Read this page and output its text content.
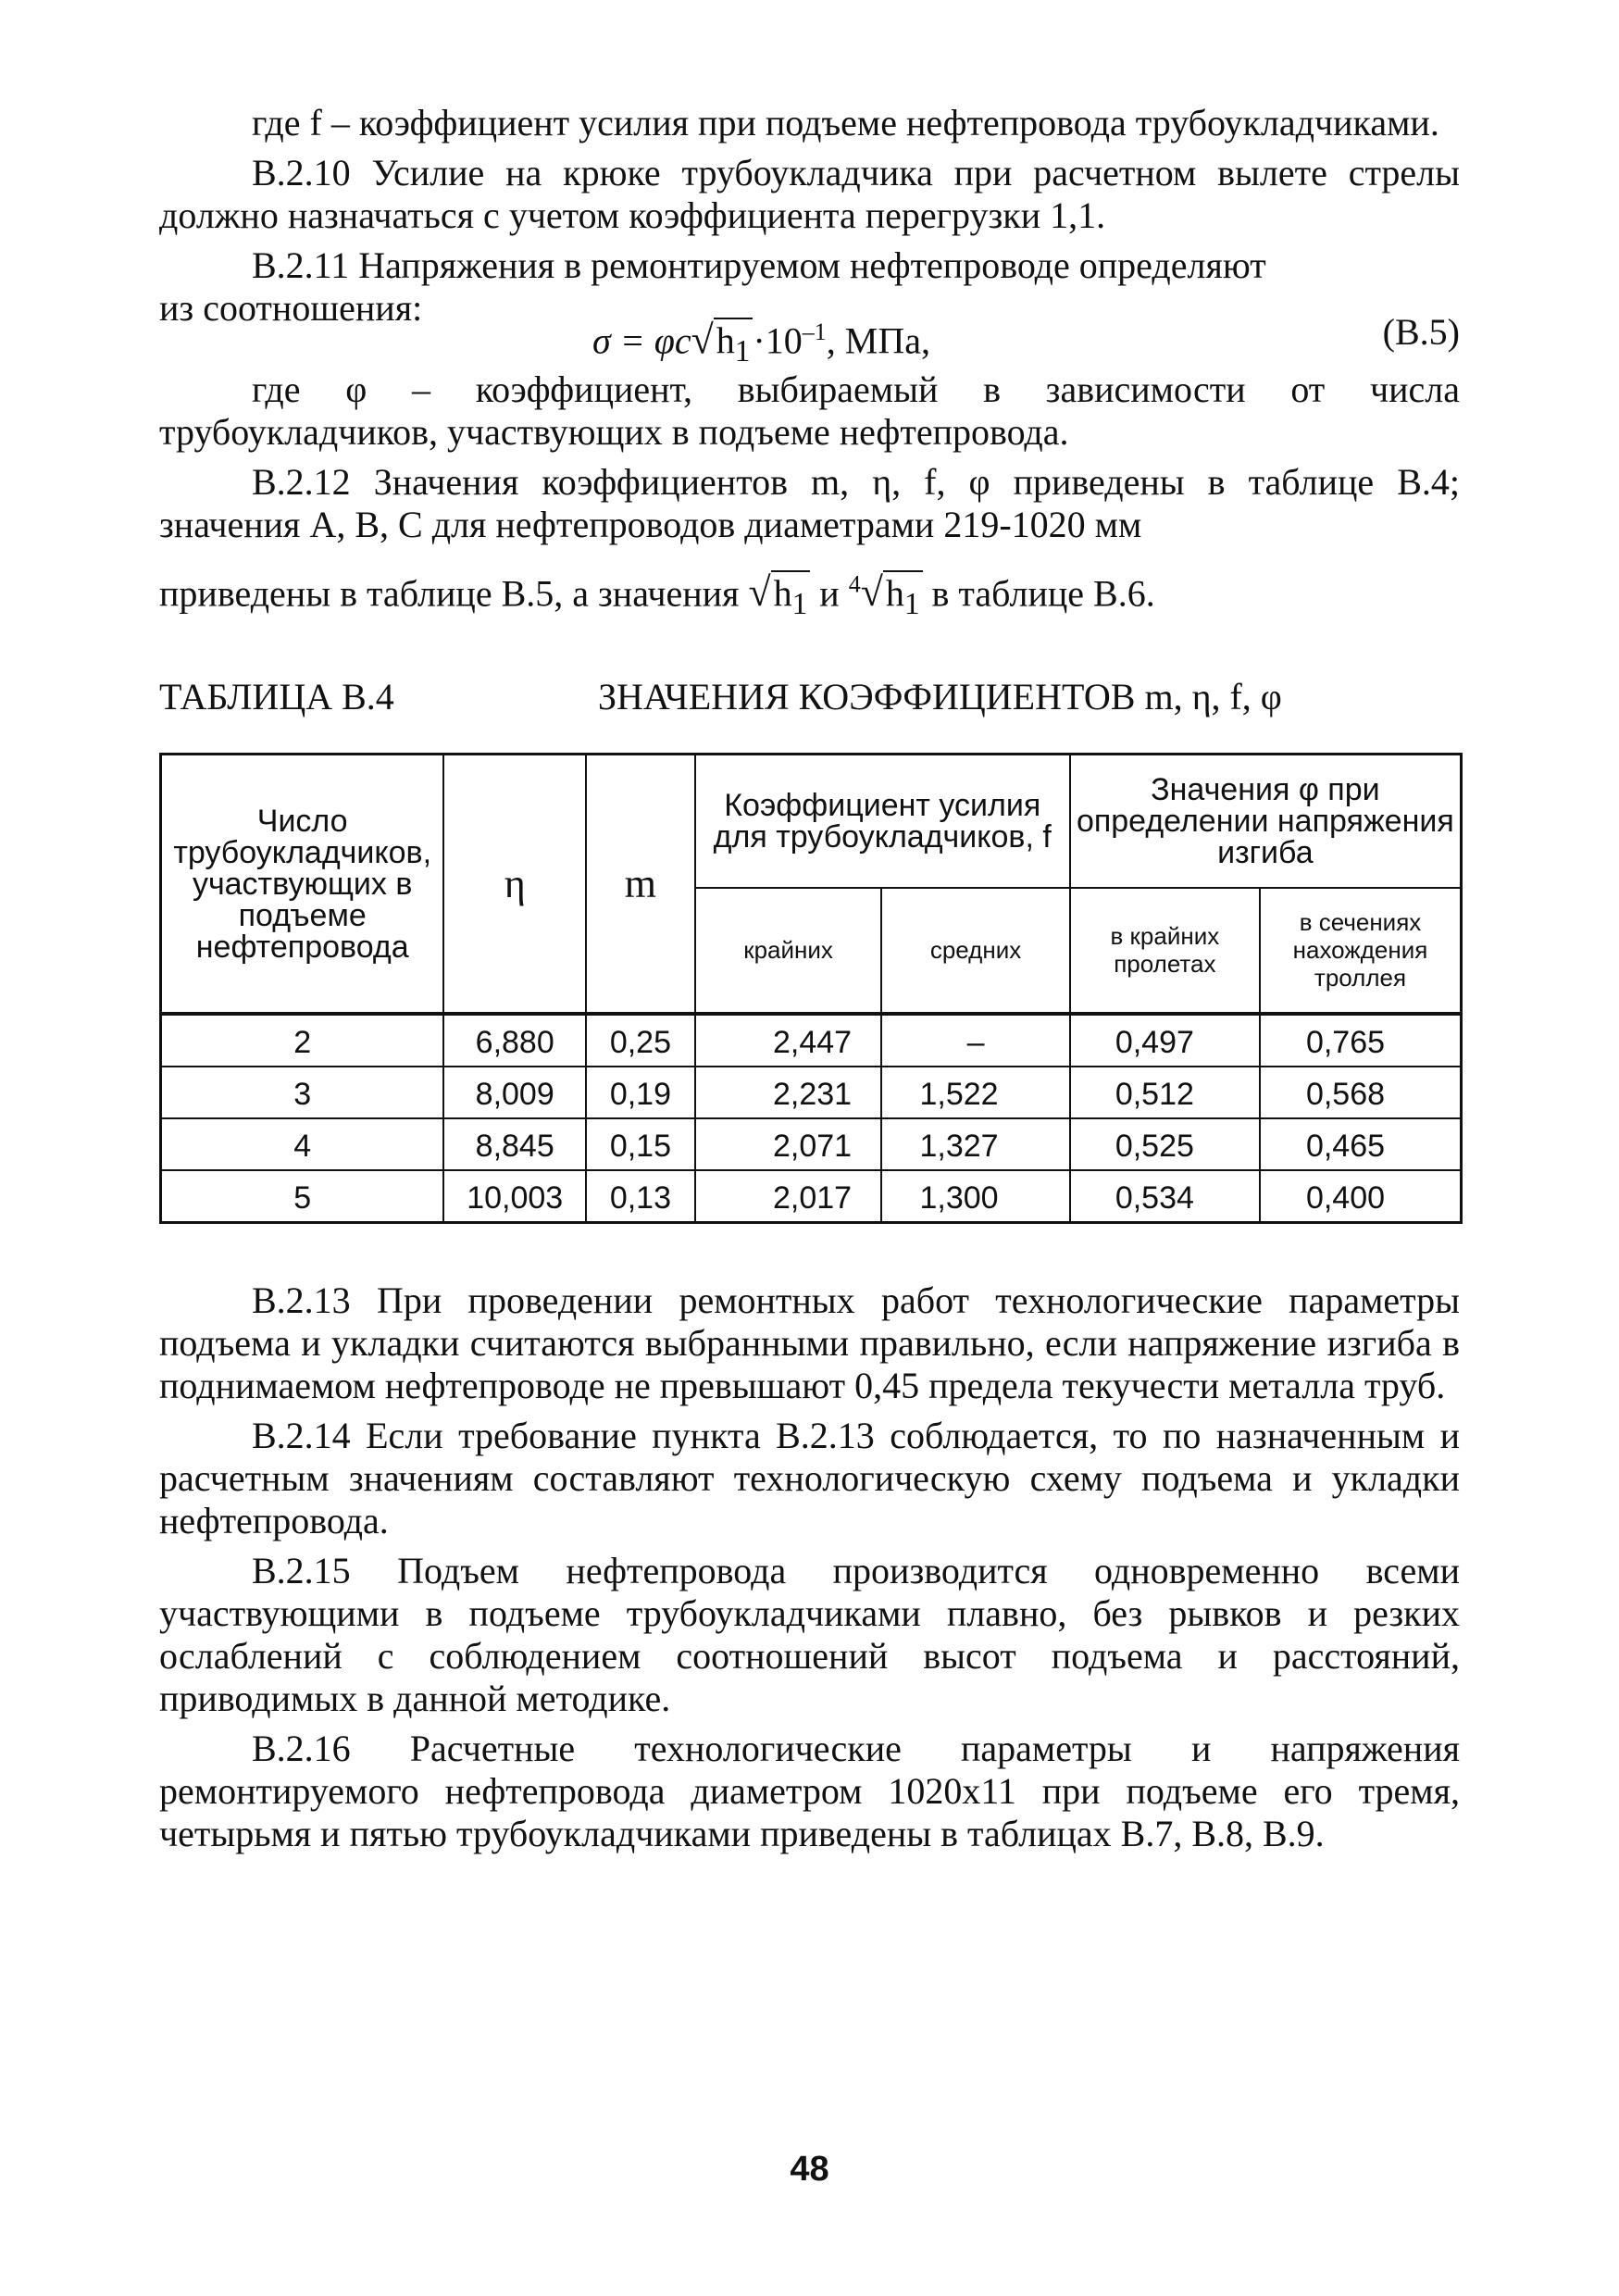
где f – коэффициент усилия при подъеме нефтепровода трубоукладчиками.

В.2.10 Усилие на крюке трубоукладчика при расчетном вылете стрелы должно назначаться с учетом коэффициента перегрузки 1,1.

В.2.11 Напряжения в ремонтируемом нефтепроводе определяют

из соотношения:
$\sigma = \varphi c√h_1\cdot 10^{-1}$, МПа,	(В.5)

где φ – коэффициент, выбираемый в зависимости от числа трубоукладчиков, участвующих в подъеме нефтепровода.

В.2.12 Значения коэффициентов m, η, f, φ приведены в таблице В.4; значения А, В, С для нефтепроводов диаметрами 219-1020 мм

приведены в таблице В.5, а значения $√h_1$ и $^4√h_1$ в таблице В.6.
ТАБЛИЦА В.4	ЗНАЧЕНИЯ КОЭФФИЦИЕНТОВ m, η, f, φ
Число трубоукладчиков, участвующих в подъеме нефтепровода	η	m	Коэффициент усилия для трубоукладчиков, f		Значения φ при определении напряжения изгиба	
			крайних	средних	в крайних пролетах	в сечениях нахождения троллея
2	6,880	0,25	2,447	–	0,497	0,765
3	8,009	0,19	2,231	1,522	0,512	0,568
4	8,845	0,15	2,071	1,327	0,525	0,465
5	10,003	0,13	2,017	1,300	0,534	0,400

В.2.13 При проведении ремонтных работ технологические параметры подъема и укладки считаются выбранными правильно, если напряжение изгиба в поднимаемом нефтепроводе не превышают 0,45 предела текучести металла труб.

В.2.14 Если требование пункта В.2.13 соблюдается, то по назначенным и расчетным значениям составляют технологическую схему подъема и укладки нефтепровода.

В.2.15 Подъем нефтепровода производится одновременно всеми участвующими в подъеме трубоукладчиками плавно, без рывков и резких ослаблений с соблюдением соотношений высот подъема и расстояний, приводимых в данной методике.

В.2.16 Расчетные технологические параметры и напряжения ремонтируемого нефтепровода диаметром 1020х11 при подъеме его тремя, четырьмя и пятью трубоукладчиками приведены в таблицах В.7, В.8, В.9.

48
